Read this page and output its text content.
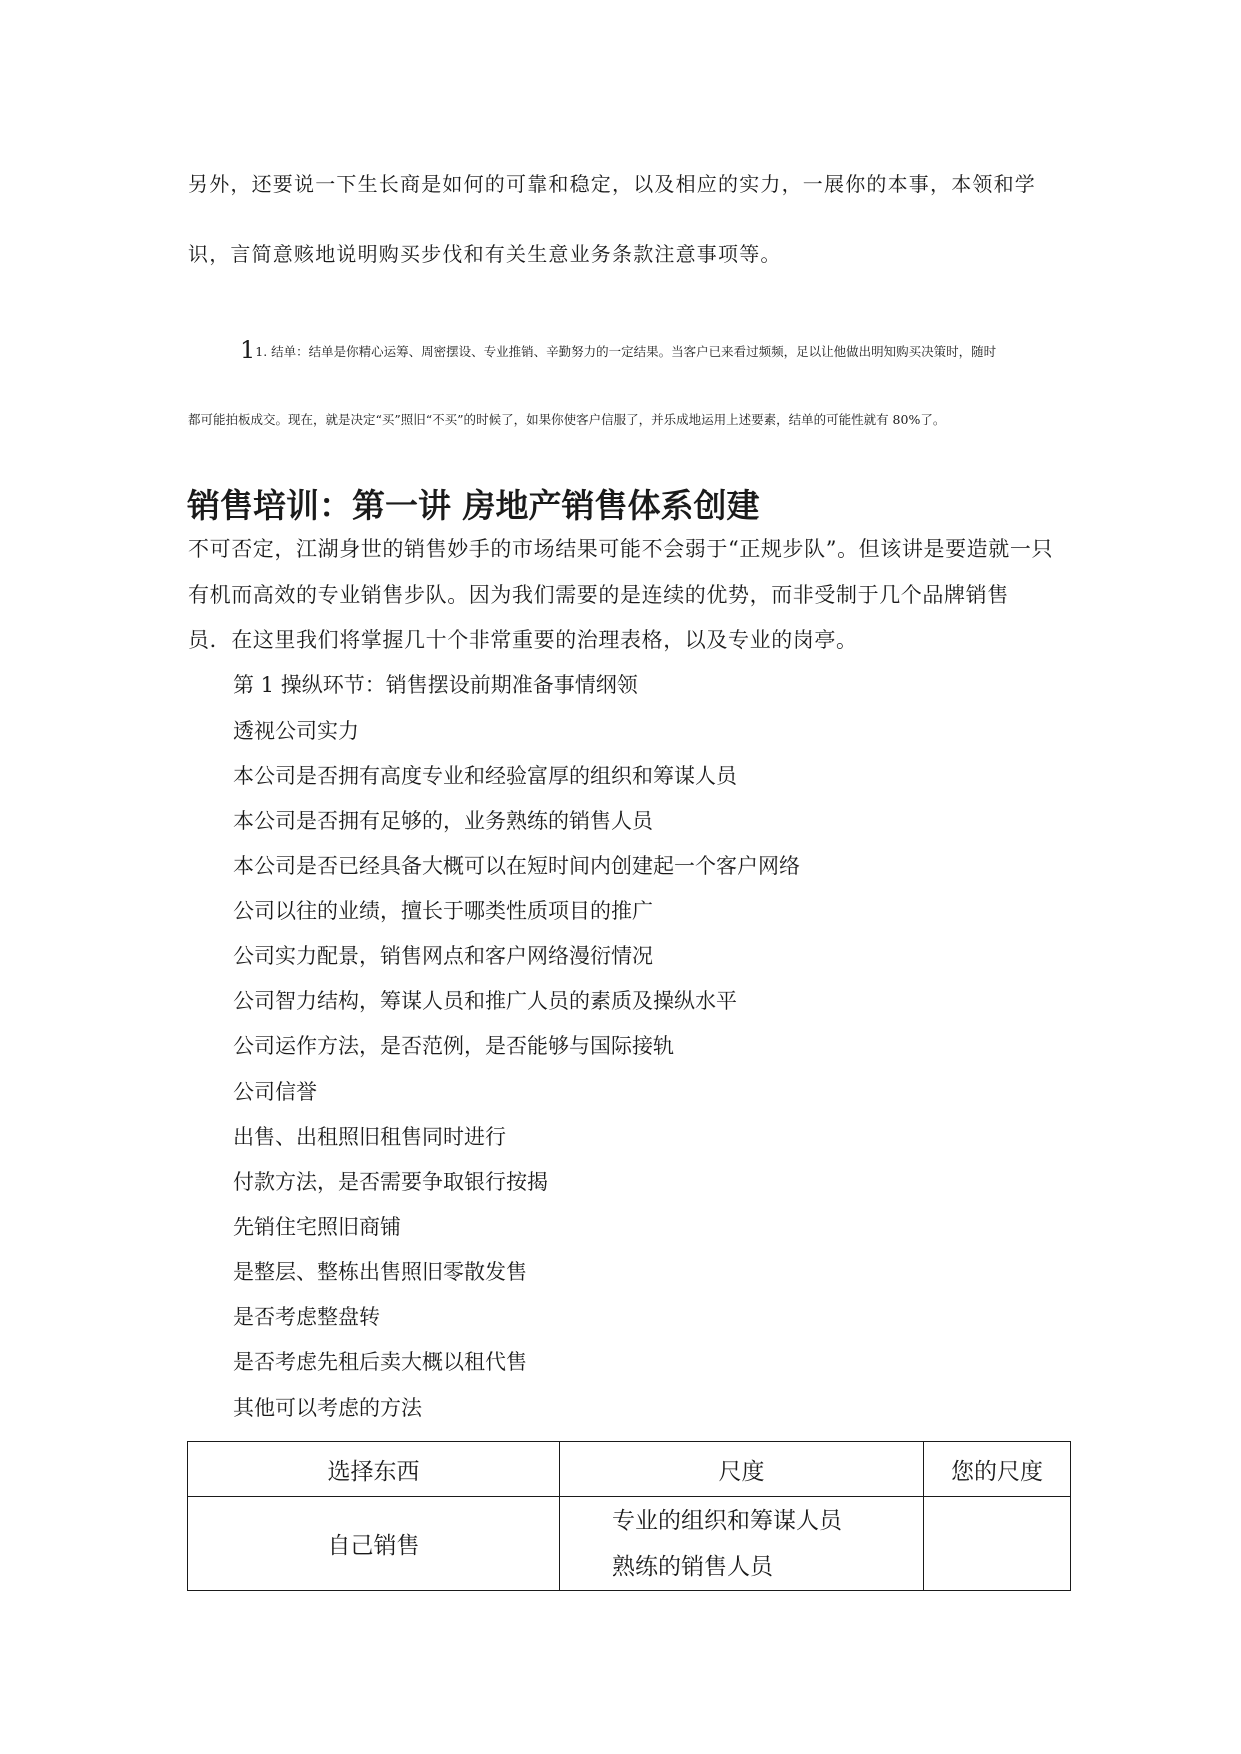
另外，还要说一下生长商是如何的可靠和稳定，以及相应的实力，一展你的本事，本领和学
识，言简意赅地说明购买步伐和有关生意业务条款注意事项等。
11. 结单：结单是你精心运筹、周密摆设、专业推销、辛勤努力的一定结果。当客户已来看过频频，足以让他做出明知购买决策时，随时
都可能拍板成交。现在，就是决定“买”照旧“不买”的时候了，如果你使客户信服了，并乐成地运用上述要素，结单的可能性就有 80%了。
销售培训：第一讲 房地产销售体系创建
不可否定，江湖身世的销售妙手的市场结果可能不会弱于“正规步队”。但该讲是要造就一只
有机而高效的专业销售步队。因为我们需要的是连续的优势，而非受制于几个品牌销售
员．在这里我们将掌握几十个非常重要的治理表格，以及专业的岗亭。
第 1 操纵环节：销售摆设前期准备事情纲领
透视公司实力
本公司是否拥有高度专业和经验富厚的组织和筹谋人员
本公司是否拥有足够的，业务熟练的销售人员
本公司是否已经具备大概可以在短时间内创建起一个客户网络
公司以往的业绩，擅长于哪类性质项目的推广
公司实力配景，销售网点和客户网络漫衍情况
公司智力结构，筹谋人员和推广人员的素质及操纵水平
公司运作方法，是否范例，是否能够与国际接轨
公司信誉
出售、出租照旧租售同时进行
付款方法，是否需要争取银行按揭
先销住宅照旧商铺
是整层、整栋出售照旧零散发售
是否考虑整盘转
是否考虑先租后卖大概以租代售
其他可以考虑的方法
选择东西	尺度	您的尺度
自己销售	专业的组织和筹谋人员
熟练的销售人员	
